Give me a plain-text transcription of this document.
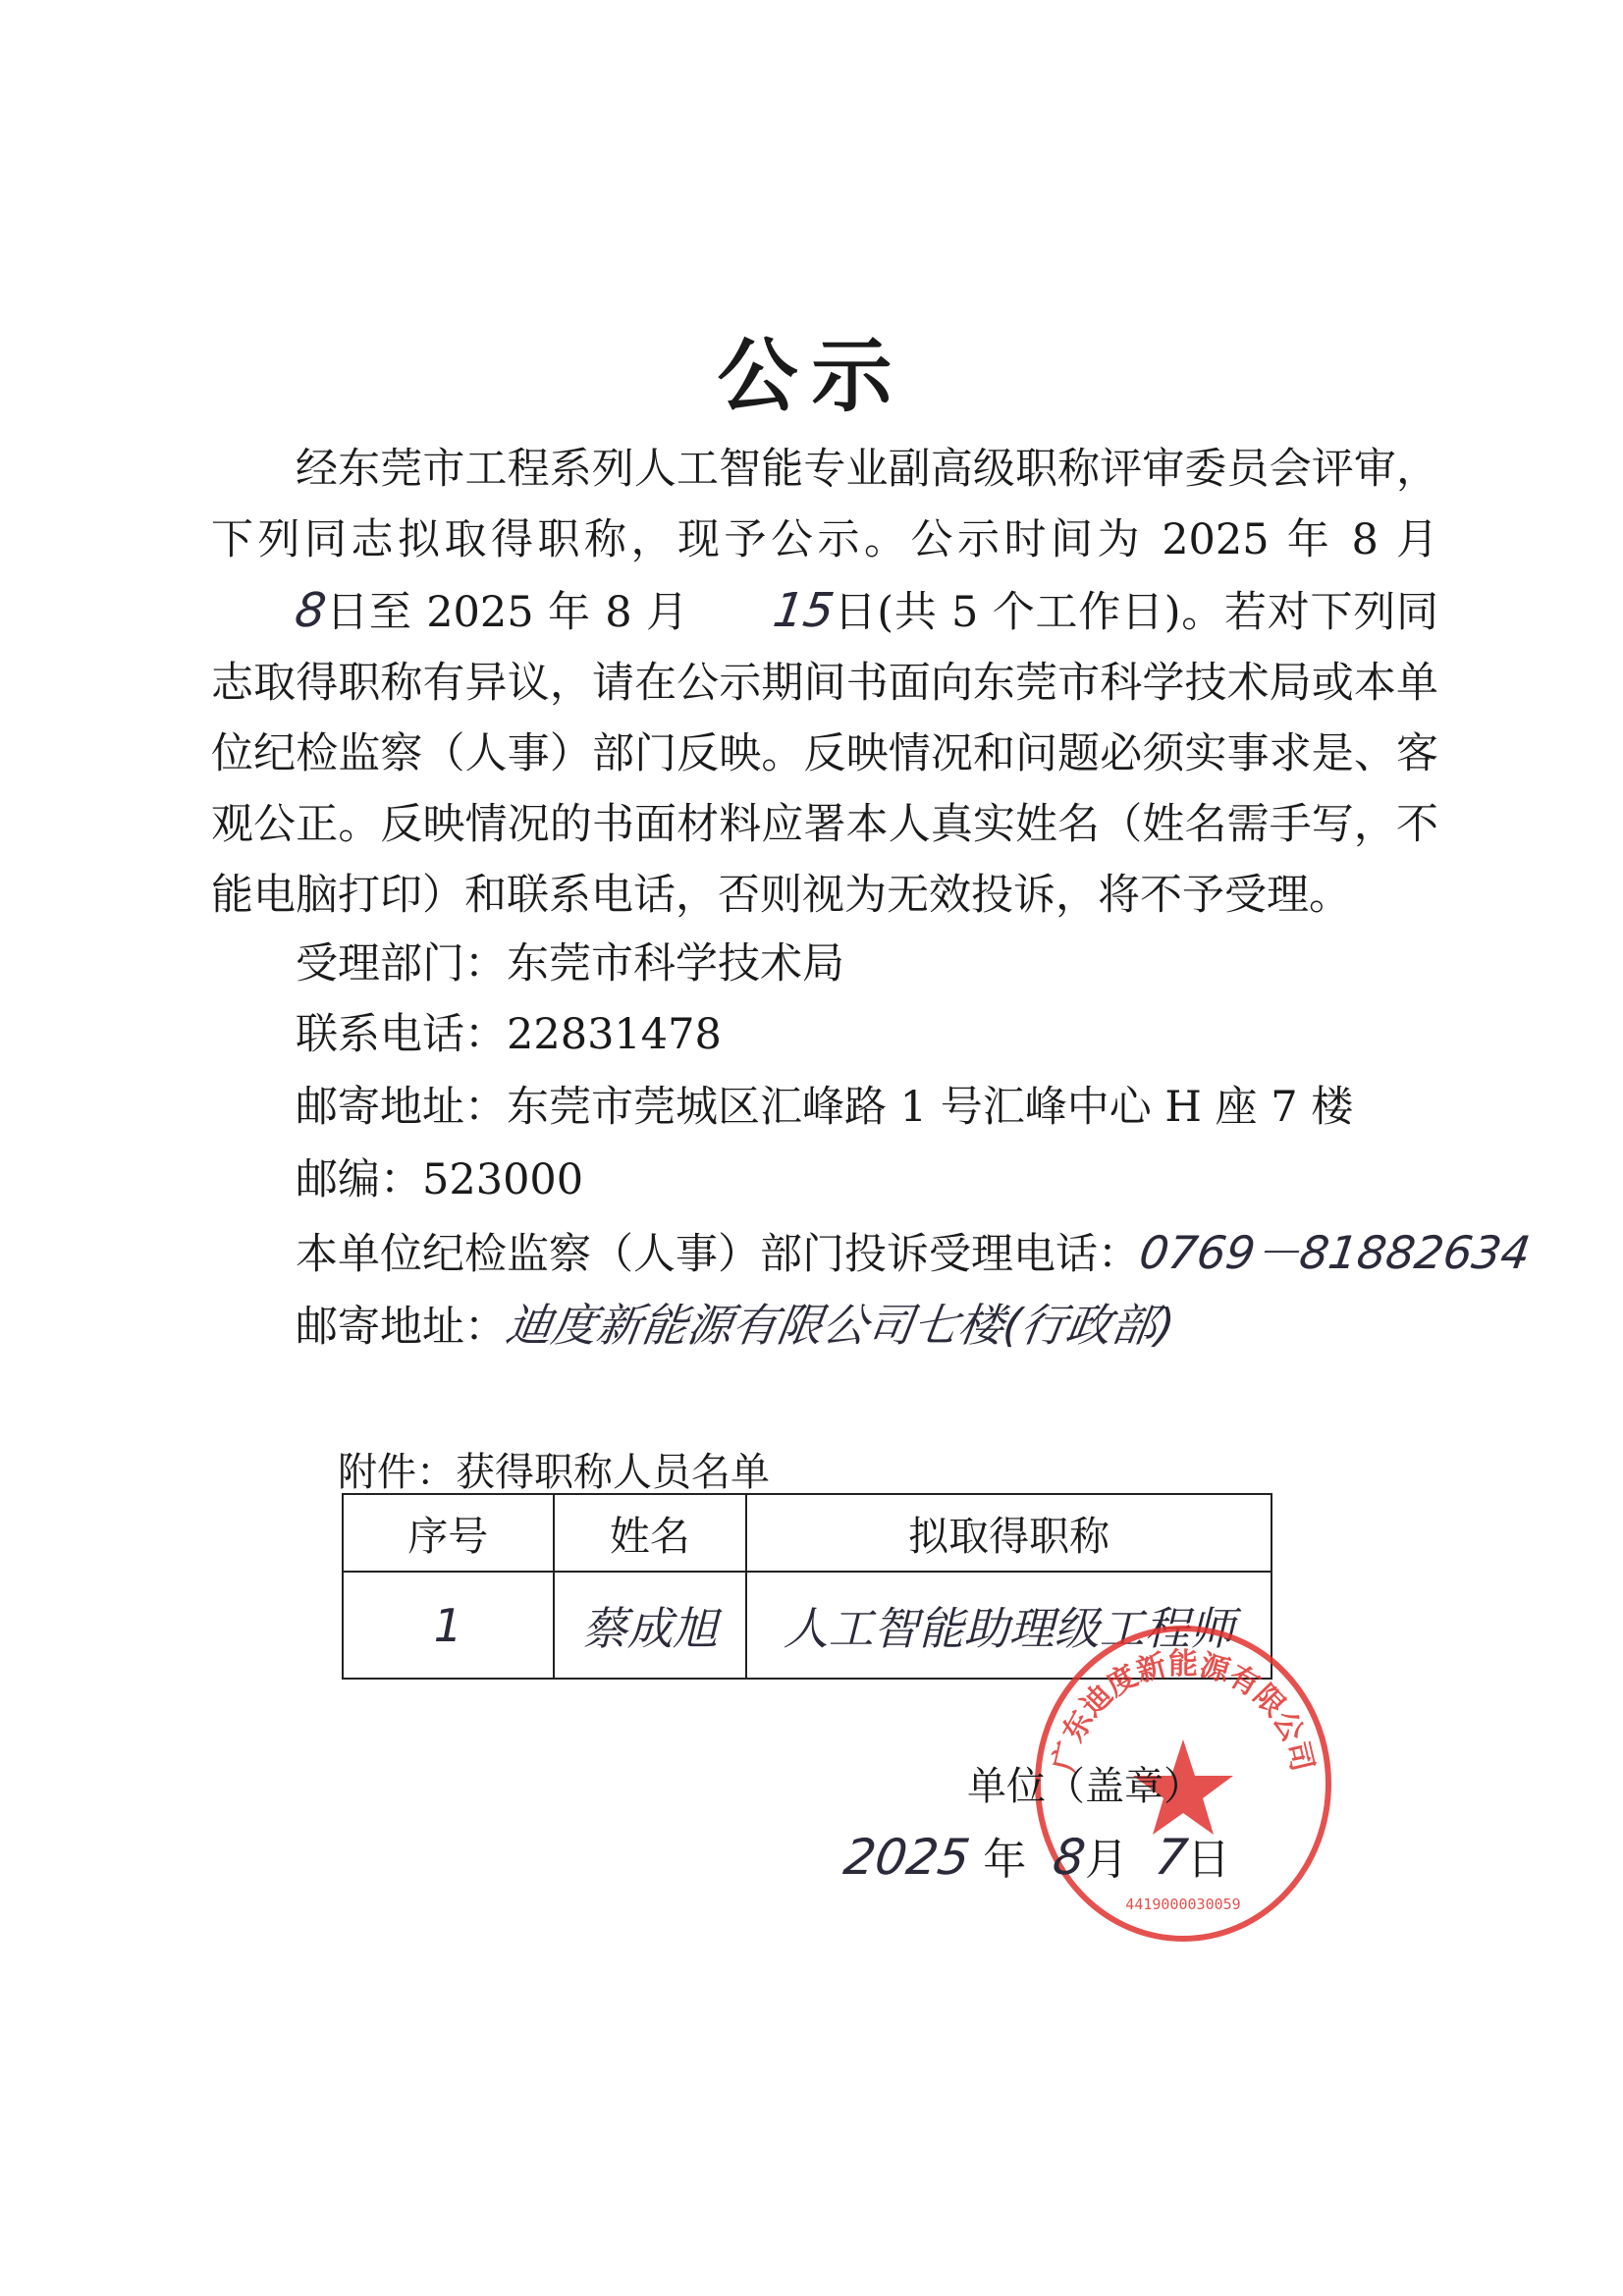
公示

经东莞市工程系列人工智能专业副高级职称评审委员会评审，下列同志拟取得职称，现予公示。公示时间为 2025 年 8 月8日至 2025 年 8 月 15日(共 5 个工作日)。若对下列同志取得职称有异议，请在公示期间书面向东莞市科学技术局或本单位纪检监察（人事）部门反映。反映情况和问题必须实事求是、客观公正。反映情况的书面材料应署本人真实姓名（姓名需手写，不能电脑打印）和联系电话，否则视为无效投诉，将不予受理。

受理部门：东莞市科学技术局

联系电话：22831478

邮寄地址：东莞市莞城区汇峰路 1 号汇峰中心 H 座 7 楼

邮编：523000

本单位纪检监察（人事）部门投诉受理电话：0769－81882634

邮寄地址：迪度新能源有限公司七楼(行政部)

附件：获得职称人员名单

序号	姓名	拟取得职称
1	蔡成旭	人工智能助理级工程师
广东迪度新能源有限公司
4419000030059

单位（盖章）

2025 年 8月 7日
